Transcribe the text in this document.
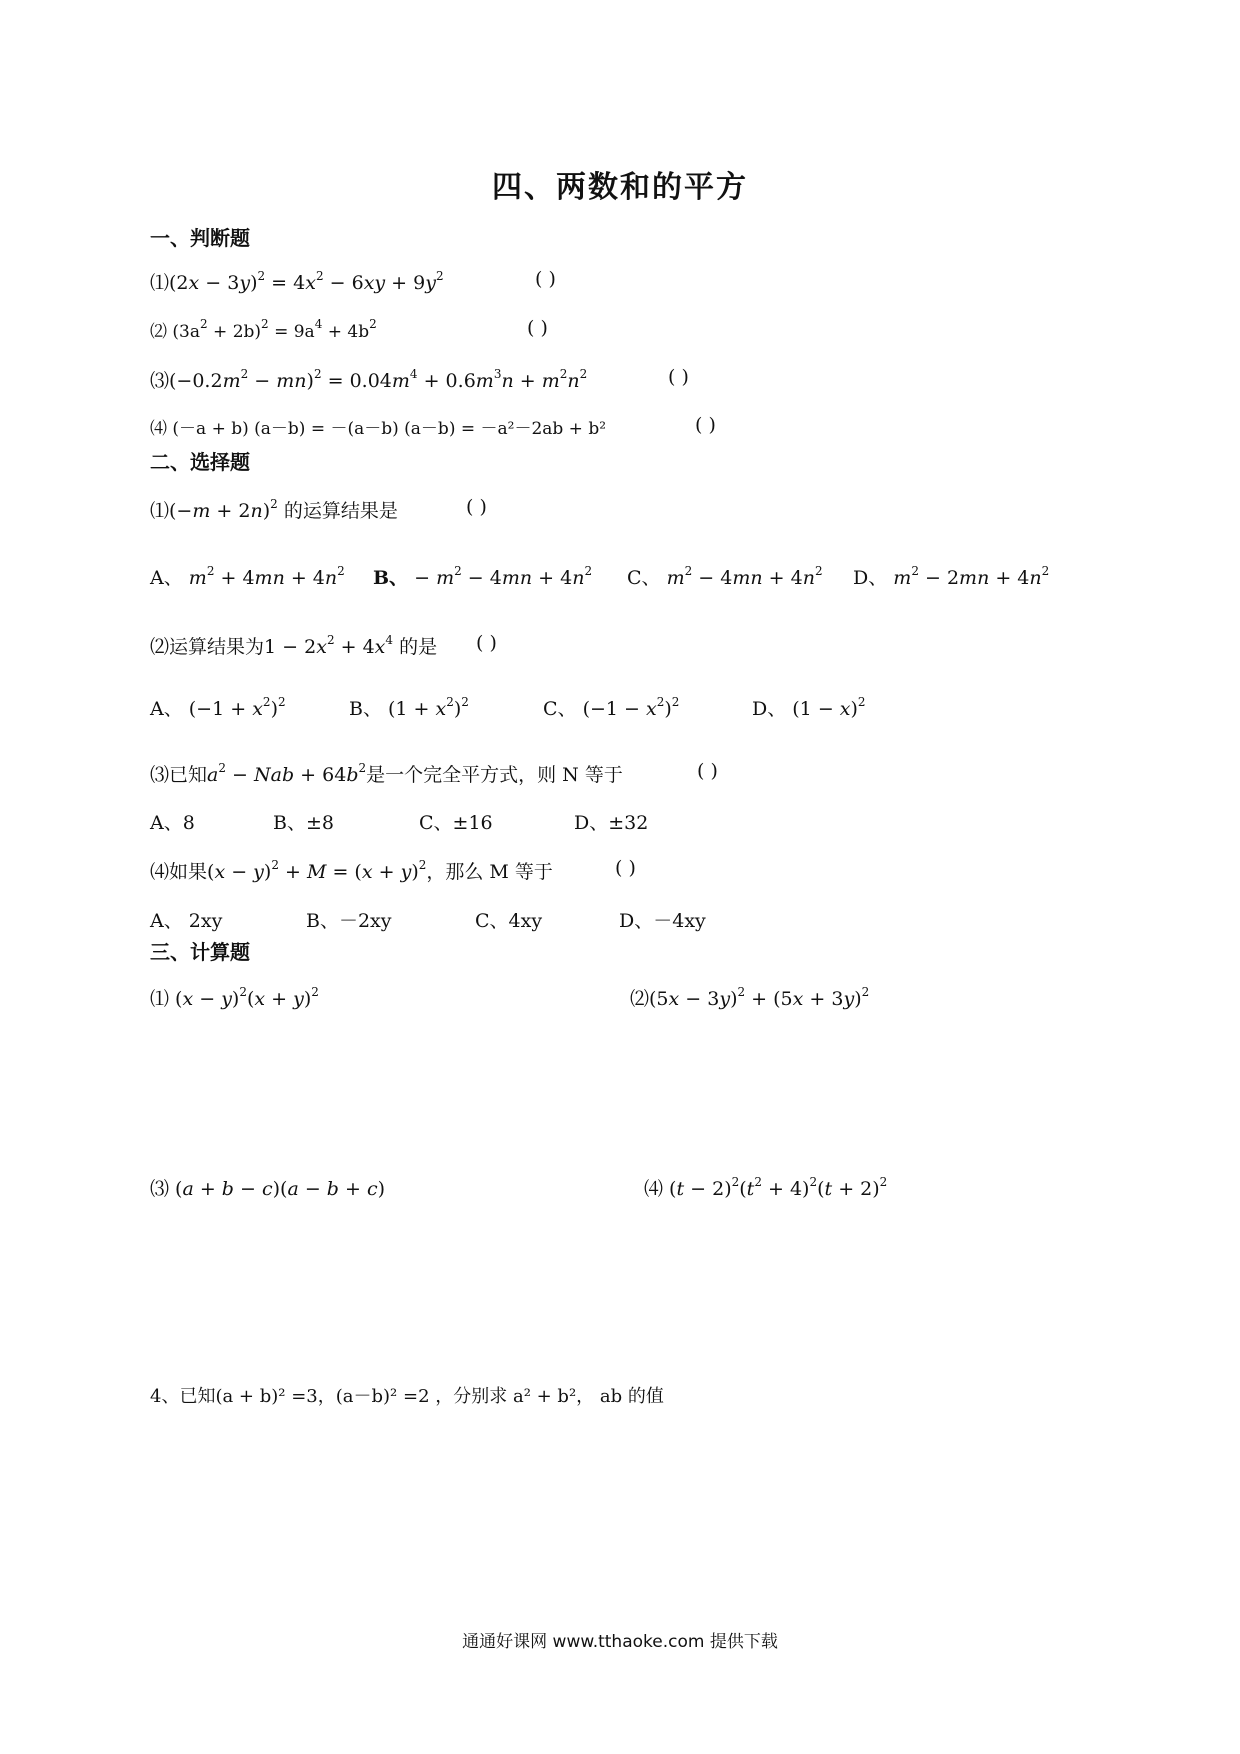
四、两数和的平方
一、判断题
⑴(2x − $3y)^2 = 4x^2 - 6xy + 9y^2$	( )
⑵ $(3a^2 + 2b)^2 = 9a^4 + 4b^2$	( )
$⑶(-0.2m^2 - mn)^2 = 0.04m^4 + 0.6m^3n + m^2n^2$	( )
⑷ (－a + b) (a－b) = －(a－b) (a－b) = －a²－2ab + b²	( )
二、选择题
⑴(−m + 2n)$^2$ 的运算结果是	( )
A、 $m^2 + 4mn + 4n^2$ B、 − $m^2 - 4mn + 4n^2$ C、 $m^2 - 4mn + 4n^2$ D、 $m^2 - 2mn + 4n^2$
⑵运算结果为$1 - 2x^2 + 4x^4$ 的是 ( )
A、 $(-1 + x^2)^2$	B、 $(1 + x^2)^2$	C、 $(-1 - x^2)^2$	D、 $(1 - x)^2$
⑶已知$a^2$ − Nab + $64b^2$是一个完全平方式，则 N 等于	( )
A、8	B、±8	C、±16	D、±32
⑷如果$(x - y)^2 + M = (x + y)^2$，那么 M 等于	( )
A、 2xy	B、－2xy	C、4xy	D、－4xy
三、计算题
⑴ $(x - y)^2(x + y)^2$	⑵(5x − $3y)^2 + (5x + 3y)^2$
⑶ (a + b − c)(a − b + c)	⑷ $(t - 2)^2(t^2 + 4)^2(t + 2)^2$
4、已知(a + b)² =3，(a－b)² =2 ，分别求 a² + b²， ab 的值
通通好课网 www.tthaoke.com 提供下载
